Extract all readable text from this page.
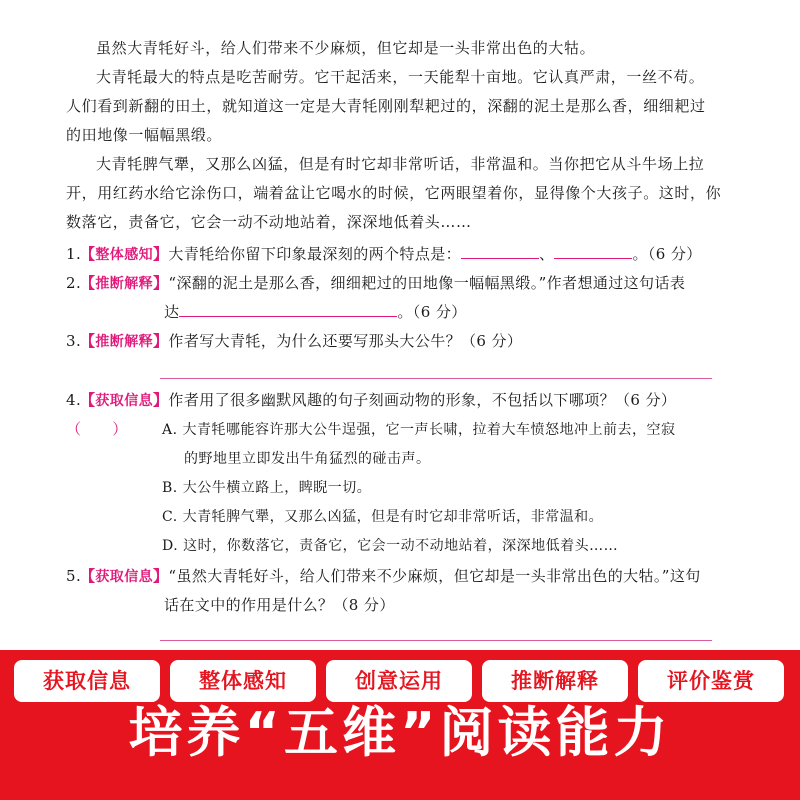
虽然大青牦好斗，给人们带来不少麻烦，但它却是一头非常出色的大牯。

大青牦最大的特点是吃苦耐劳。它干起活来，一天能犁十亩地。它认真严肃，一丝不苟。

人们看到新翻的田土，就知道这一定是大青牦刚刚犁耙过的，深翻的泥土是那么香，细细耙过

的田地像一幅幅黑缎。

大青牦脾气犟，又那么凶猛，但是有时它却非常听话，非常温和。当你把它从斗牛场上拉

开，用红药水给它涂伤口，端着盆让它喝水的时候，它两眼望着你，显得像个大孩子。这时，你

数落它，责备它，它会一动不动地站着，深深地低着头……

1.【整体感知】大青牦给你留下印象最深刻的两个特点是：	、	。（6 分）
2.【推断解释】“深翻的泥土是那么香，细细耙过的田地像一幅幅黑缎。”作者想通过这句话表
达	。（6 分）
3.【推断解释】作者写大青牦，为什么还要写那头大公牛？（6 分）
4.【获取信息】作者用了很多幽默风趣的句子刻画动物的形象，不包括以下哪项？（6 分）（　　）	A. 大青牦哪能容许那大公牛逞强，它一声长啸，拉着大车愤怒地冲上前去，空寂
的野地里立即发出牛角猛烈的碰击声。
B. 大公牛横立路上，睥睨一切。
C. 大青牦脾气犟，又那么凶猛，但是有时它却非常听话，非常温和。
D. 这时，你数落它，责备它，它会一动不动地站着，深深地低着头……
5.【获取信息】“虽然大青牦好斗，给人们带来不少麻烦，但它却是一头非常出色的大牯。”这句
话在文中的作用是什么？（8 分）
获取信息	整体感知	创意运用	推断解释	评价鉴赏
培养“五维”阅读能力
